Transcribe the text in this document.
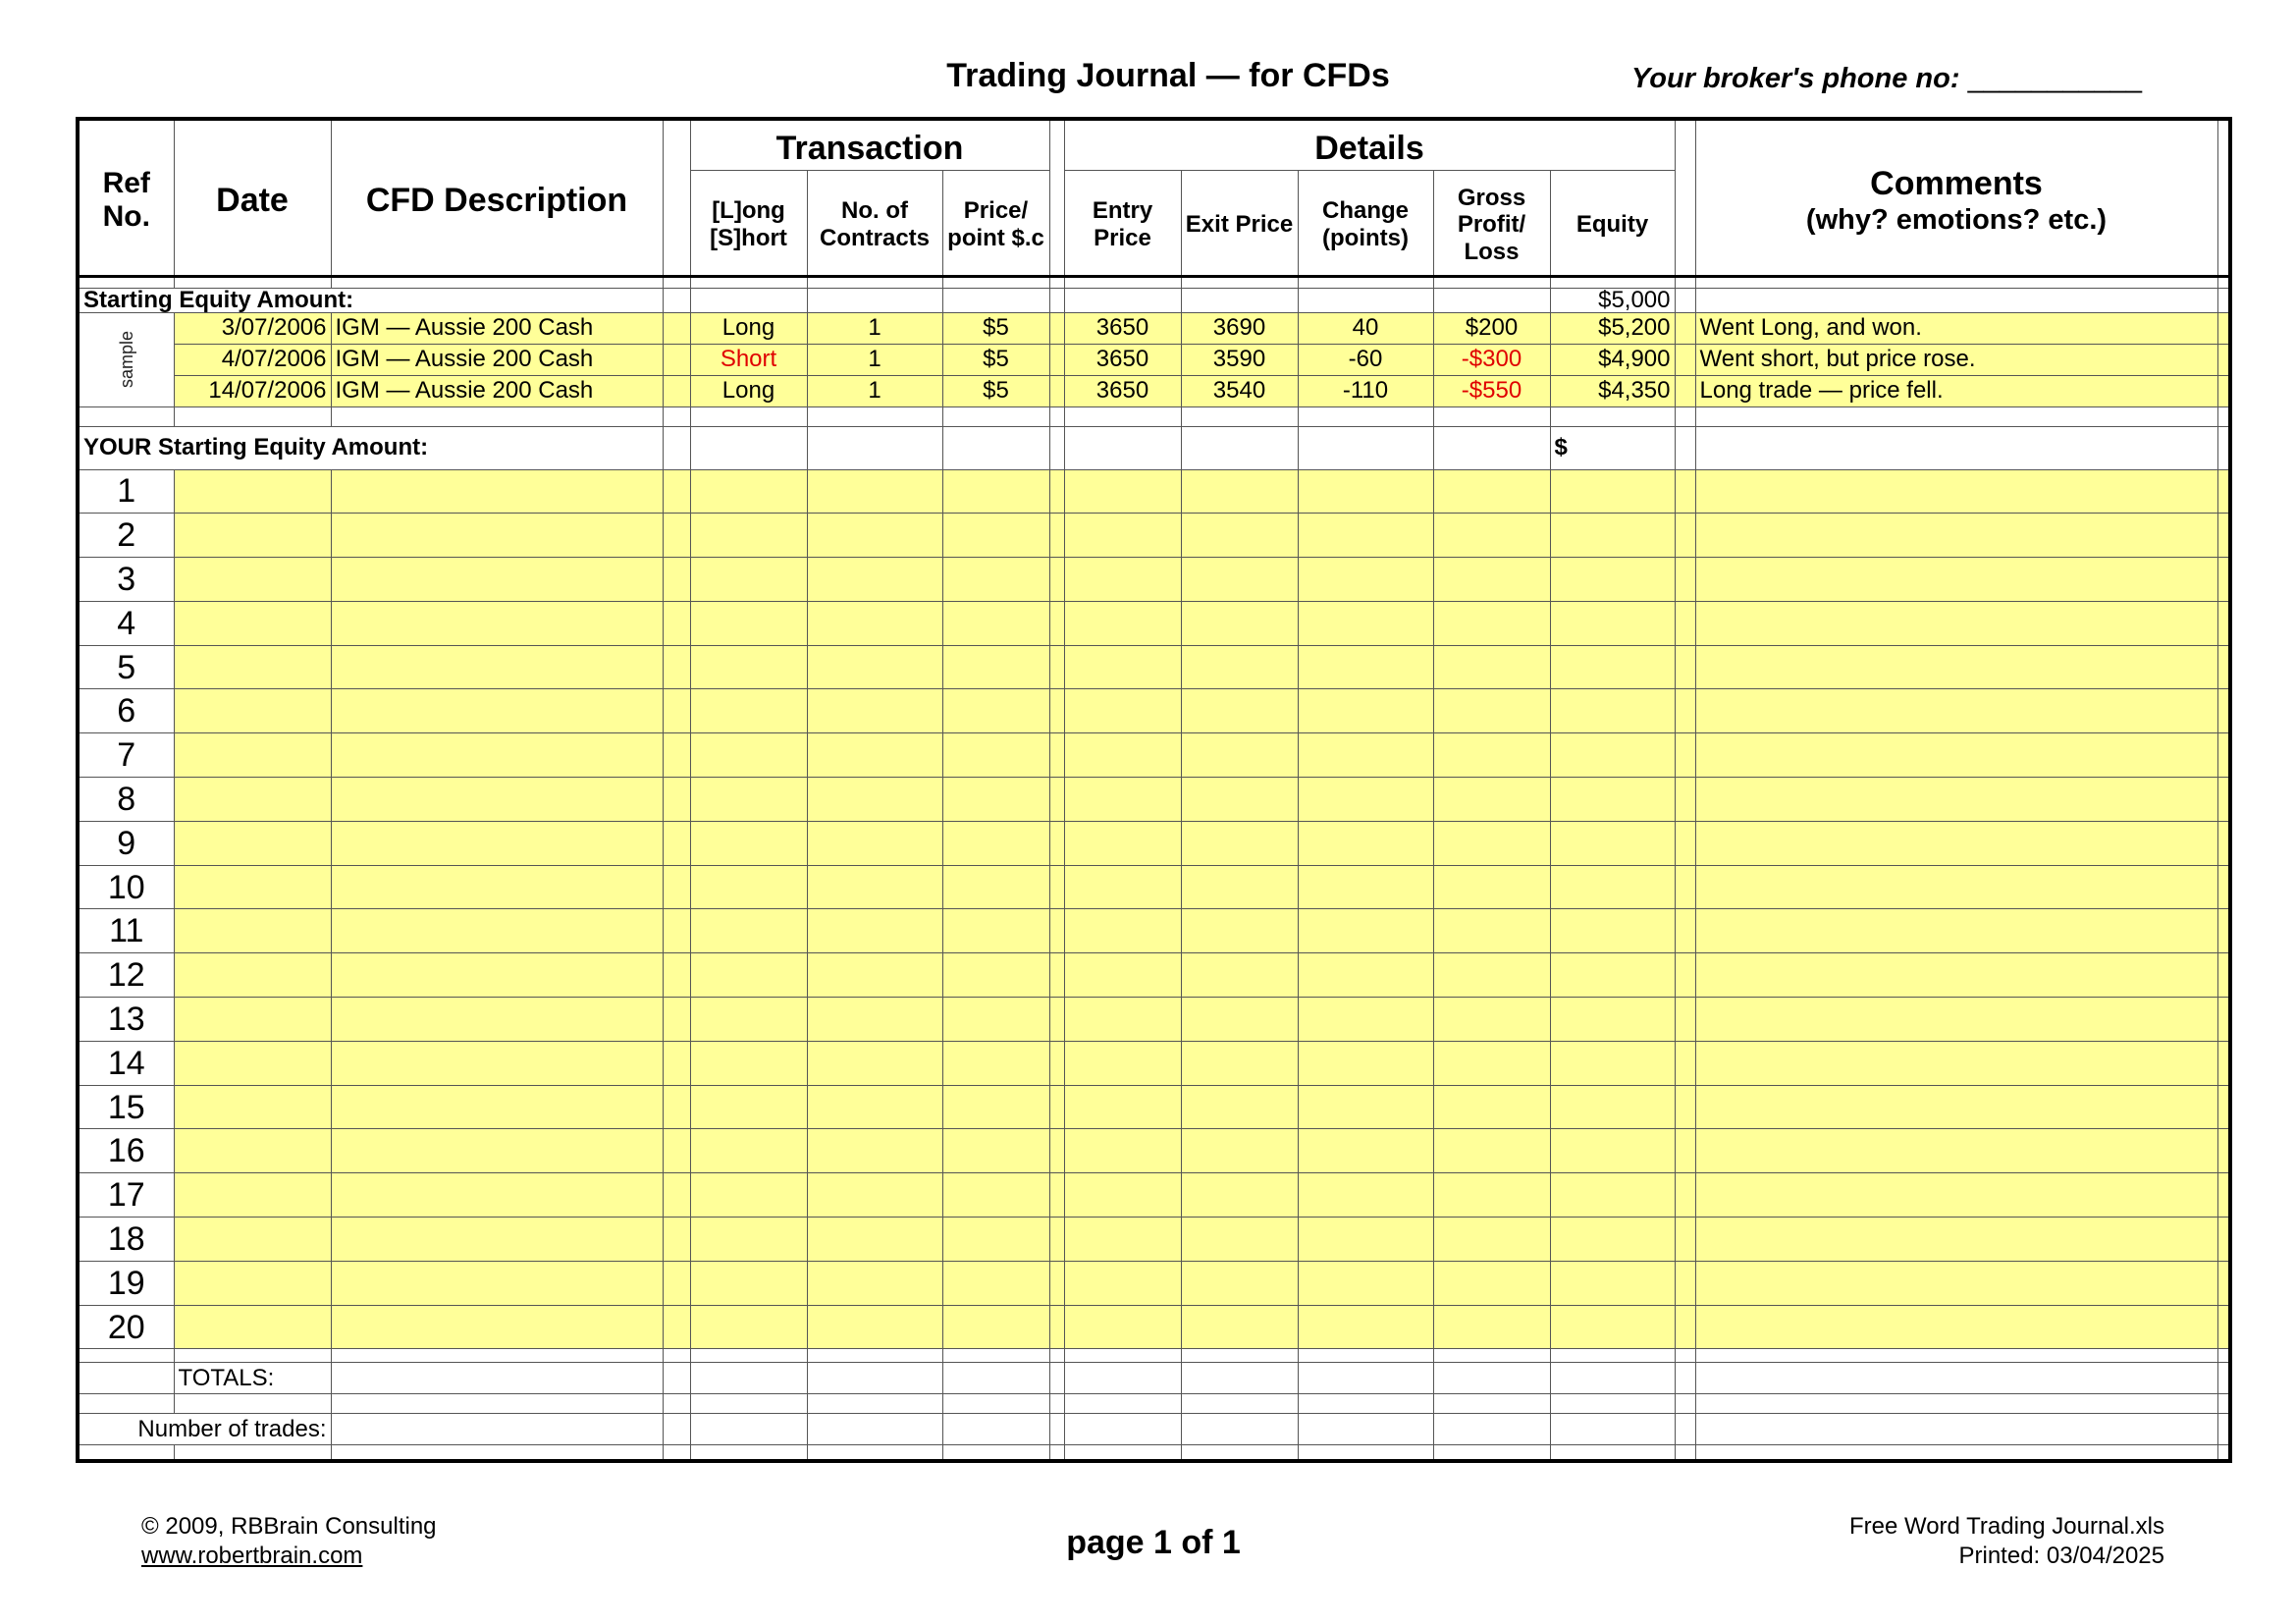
Trading Journal — for CFDs	Your broker's phone no: ___________
Ref No.	Date	CFD Description		Transaction				Details						Comments
(why? emotions? etc.)	

				[L]ong [S]hort	No. of Contracts	Price/ point $.c		Entry Price	Exit Price	Change (points)	Gross Profit/ Loss	Equity			

Starting Equity Amount:												$5,000			

sample	3/07/2006	IGM — Aussie 200 Cash		Long	1	$5		3650	3690	40	$200	$5,200		Went Long, and won.	
	4/07/2006	IGM — Aussie 200 Cash		Short	1	$5		3650	3590	-60	-$300	$4,900		Went short, but price rose.	
	14/07/2006	IGM — Aussie 200 Cash		Long	1	$5		3650	3540	-110	-$550	$4,350		Long trade — price fell.	

YOUR Starting Equity Amount:												$			
1															
2															
3															
4															
5															
6															
7															
8															
9															
10															
11															
12															
13															
14															
15															
16															
17															
18															
19															
20															

	TOTALS:														

Number of trades:															

© 2009, RBBrain Consulting
www.robertbrain.com	page 1 of 1	Free Word Trading Journal.xls
Printed: 03/04/2025
